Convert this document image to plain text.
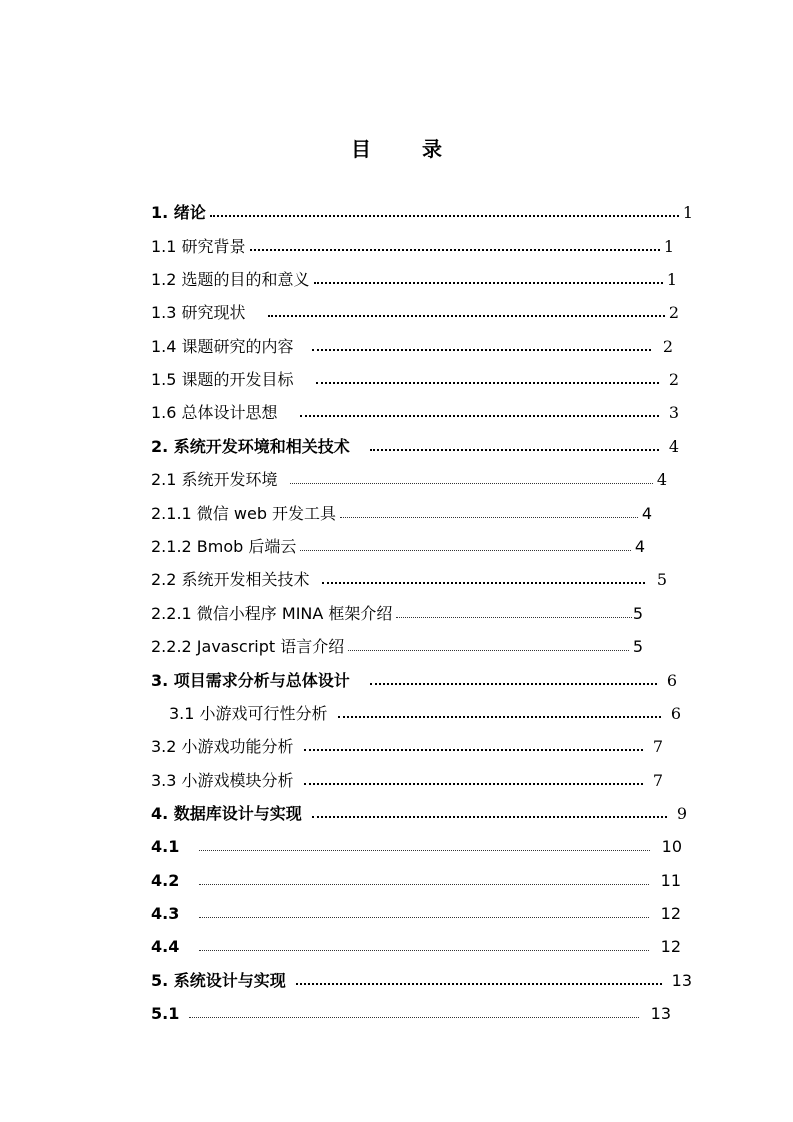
目 录
1. 绪论	1
1.1 研究背景	1
1.2 选题的目的和意义	1
1.3 研究现状	2
1.4 课题研究的内容	2
1.5 课题的开发目标	2
1.6 总体设计思想	3
2. 系统开发环境和相关技术	4
2.1 系统开发环境	4
2.1.1 微信 web 开发工具	4
2.1.2 Bmob 后端云	4
2.2 系统开发相关技术	5
2.2.1 微信小程序 MINA 框架介绍	5
2.2.2 Javascript 语言介绍	5
3. 项目需求分析与总体设计	6
3.1 小游戏可行性分析	6
3.2 小游戏功能分析	7
3.3 小游戏模块分析	7
4. 数据库设计与实现	9
4.1	10
4.2	11
4.3	12
4.4	12
5. 系统设计与实现	13
5.1	13
